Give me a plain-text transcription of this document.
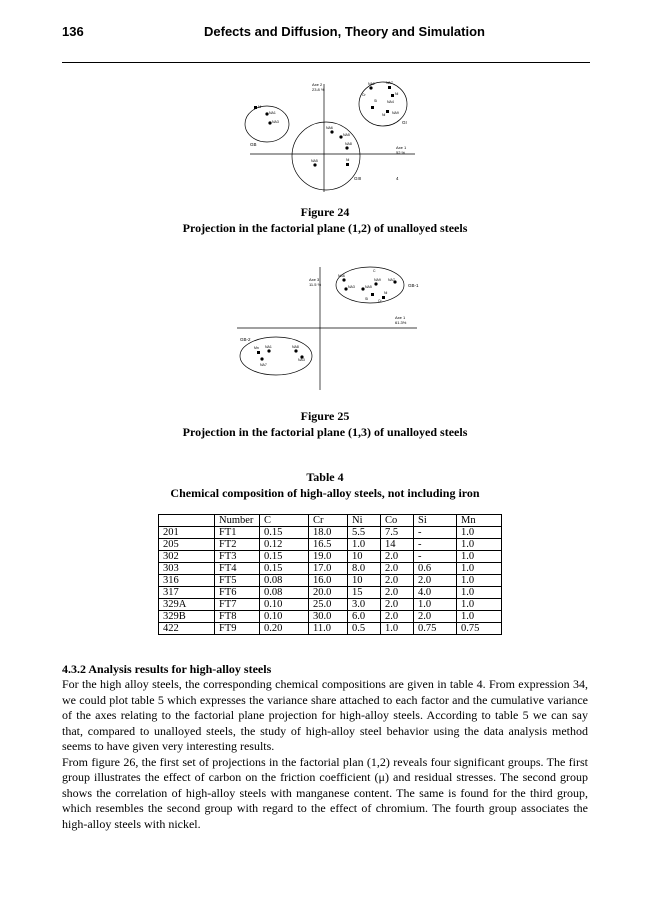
136	Defects and Diffusion, Theory and Simulation
Axe 2
23.8 %
Axe 1
52 %
GB
GIII
GI
4
Ni
NA1
NA3
NA6
NA5
NA8
NA5	Ni
NA2	NA7
Cr
Si
Ni
NA4
Ni NA9
Figure 24
Projection in the factorial plane (1,2) of unalloyed steels
Axe 3
11.5 %
Axe 1
61.3%
GB-1
GB-2
NA6
NA3
NA9
NA5
NA7
C
Si	Cr
Ni
Mn NA1	NA8
NA7
NA3
Figure 25
Projection in the factorial plane (1,3) of unalloyed steels
Table 4
Chemical composition of high-alloy steels, not including iron
	Number	C	Cr	Ni	Co	Si	Mn
201	FT1	0.15	18.0	5.5	7.5	-	1.0
205	FT2	0.12	16.5	1.0	14	-	1.0
302	FT3	0.15	19.0	10	2.0	-	1.0
303	FT4	0.15	17.0	8.0	2.0	0.6	1.0
316	FT5	0.08	16.0	10	2.0	2.0	1.0
317	FT6	0.08	20.0	15	2.0	4.0	1.0
329A	FT7	0.10	25.0	3.0	2.0	1.0	1.0
329B	FT8	0.10	30.0	6.0	2.0	2.0	1.0
422	FT9	0.20	11.0	0.5	1.0	0.75	0.75
4.3.2 Analysis results for high-alloy steels

For the high alloy steels, the corresponding chemical compositions are given in table 4. From expression 34, we could plot table 5 which expresses the variance share attached to each factor and the cumulative variance of the axes relating to the factorial plane projection for high-alloy steels. According to table 5 we can say that, compared to unalloyed steels, the study of high-alloy steel behavior using the data analysis method seems to have given very interesting results.

From figure 26, the first set of projections in the factorial plan (1,2) reveals four significant groups. The first group illustrates the effect of carbon on the friction coefficient (μ) and residual stresses. The second group shows the correlation of high-alloy steels with manganese content. The same is found for the third group, which resembles the second group with regard to the effect of chromium. The fourth group associates the high-alloy steels with nickel.
